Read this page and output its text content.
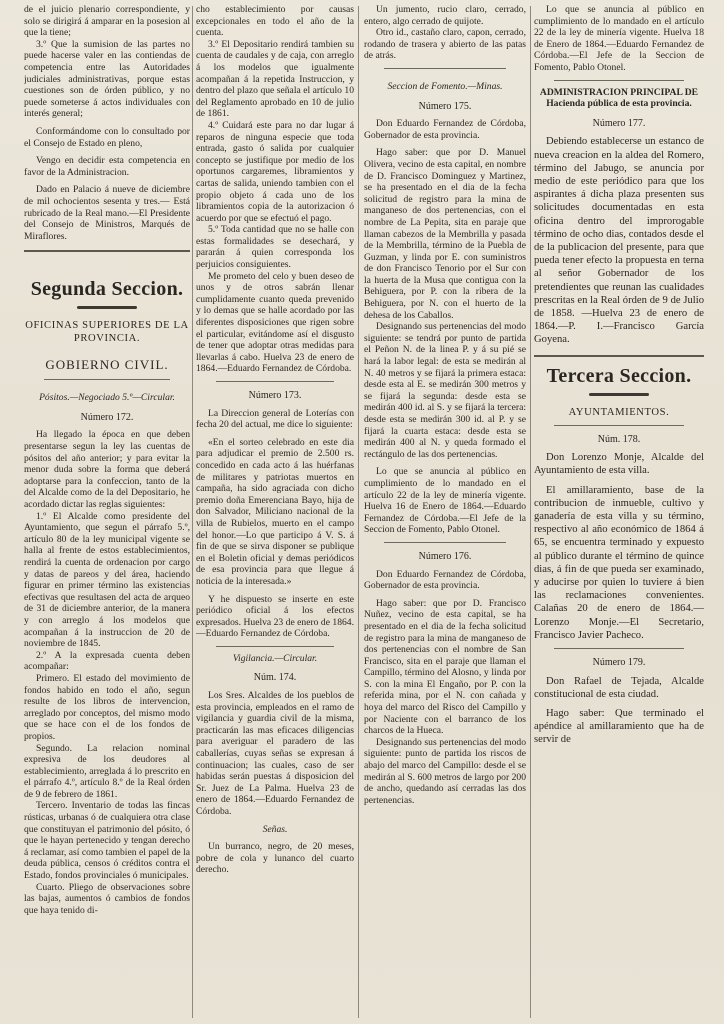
de el juicio plenario correspondiente, y solo se dirigirá á amparar en la posesion al que la tiene;

3.º Que la sumision de las partes no puede hacerse valer en las contiendas de competencia entre las Autoridades judiciales administrativas, porque estas cuestiones son de órden público, y no puede someterse á actos individuales con interés general;

Conformándome con lo consultado por el Consejo de Estado en pleno,

Vengo en decidir esta competencia en favor de la Administracion.

Dado en Palacio á nueve de diciembre de mil ochocientos sesenta y tres.— Está rubricado de la Real mano.—El Presidente del Consejo de Ministros, Marqués de Miraflores.

Segunda Seccion.
OFICINAS SUPERIORES DE LA PROVINCIA.
GOBIERNO CIVIL.

Pósitos.—Negociado 5.º—Circular.

Número 172.

Ha llegado la época en que deben presentarse segun la ley las cuentas de pósitos del año anterior; y para evitar la menor duda sobre la forma que deberá adoptarse para la confeccion, tanto de la del Alcalde como de la del Depositario, he acordado dictar las reglas siguientes:

1.º El Alcalde como presidente del Ayuntamiento, que segun el párrafo 5.º, artículo 80 de la ley municipal vigente se halla al frente de estos establecimientos, rendirá la cuenta de ordenacion por cargo y datas de pareos y del área, haciendo figurar en primer término las existencias efectivas que resultasen del acta de arqueo de 31 de diciembre anterior, de la manera y con arreglo á los modelos que acompañan á la instruccion de 20 de noviembre de 1845.

2.º A la expresada cuenta deben acompañar:

Primero. El estado del movimiento de fondos habido en todo el año, segun resulte de los libros de intervencion, arreglado por conceptos, del mismo modo que se hace con el de los fondos de propios.

Segundo. La relacion nominal expresiva de los deudores al establecimiento, arreglada á lo prescrito en el párrafo 4.º, artículo 8.º de la Real órden de 9 de febrero de 1861.

Tercero. Inventario de todas las fincas rústicas, urbanas ó de cualquiera otra clase que constituyan el patrimonio del pósito, ó que le hayan pertenecido y tengan derecho á reclamar, así como tambien el papel de la deuda pública, censos ó créditos contra el Estado, fondos provinciales ó municipales.

Cuarto. Pliego de observaciones sobre las bajas, aumentos ó cambios de fondos que haya tenido di-

cho establecimiento por causas excepcionales en todo el año de la cuenta.

3.º El Depositario rendirá tambien su cuenta de caudales y de caja, con arreglo á los modelos que igualmente acompañan á la repetida Instruccion, y dentro del plazo que señala el artículo 10 del Reglamento aprobado en 10 de julio de 1861.

4.º Cuidará este para no dar lugar á reparos de ninguna especie que toda entrada, gasto ó salida por cualquier concepto se justifique por medio de los oportunos cargaremes, libramientos y cartas de salida, uniendo tambien con el propio objeto á cada uno de los libramientos copia de la autorizacion ó acuerdo por que se efectuó el pago.

5.º Toda cantidad que no se halle con estas formalidades se desechará, y pararán á quien corresponda los perjuicios consiguientes.

Me prometo del celo y buen deseo de unos y de otros sabrán llenar cumplidamente cuanto queda prevenido y lo demas que se halle acordado por las diferentes disposiciones que rigen sobre el particular, evitándome así el disgusto de tener que adoptar otras medidas para llevarlas á cabo. Huelva 23 de enero de 1864.—Eduardo Fernandez de Córdoba.

Número 173.

La Direccion general de Loterías con fecha 20 del actual, me dice lo siguiente:

«En el sorteo celebrado en este dia para adjudicar el premio de 2.500 rs. concedido en cada acto á las huérfanas de militares y patriotas muertos en campaña, ha sido agraciada con dicho premio doña Emerenciana Bayo, hija de don Salvador, Miliciano nacional de la villa de Rubielos, muerto en el campo del honor.—Lo que participo á V. S. á fin de que se sirva disponer se publique en el Boletin oficial y demas periódicos de esa provincia para que llegue á noticia de la interesada.»

Y he dispuesto se inserte en este periódico oficial á los efectos expresados. Huelva 23 de enero de 1864.—Eduardo Fernandez de Córdoba.

Vigilancia.—Circular.

Núm. 174.

Los Sres. Alcaldes de los pueblos de esta provincia, empleados en el ramo de vigilancia y guardia civil de la misma, practicarán las mas eficaces diligencias para averiguar el paradero de las caballerías, cuyas señas se expresan á continuacion; las cuales, caso de ser habidas serán puestas á disposicion del Sr. Juez de La Palma. Huelva 23 de enero de 1864.—Eduardo Fernandez de Córdoba.

Señas.

Un burranco, negro, de 20 meses, pobre de cola y lunanco del cuarto derecho.

Un jumento, rucio claro, cerrado, entero, algo cerrado de quijote.

Otro id., castaño claro, capon, cerrado, rodando de trasera y abierto de las patas de atrás.

Seccion de Fomento.—Minas.

Número 175.

Don Eduardo Fernandez de Córdoba, Gobernador de esta provincia.

Hago saber: que por D. Manuel Olivera, vecino de esta capital, en nombre de D. Francisco Dominguez y Martinez, se ha presentado en el dia de la fecha solicitud de registro para la mina de manganeso de dos pertenencias, con el nombre de La Pepita, sita en paraje que llaman cabezos de la Membrilla y pasada de la Membrilla, término de la Puebla de Guzman, y linda por E. con suministros de don Francisco Tenorio por el Sur con la huerta de la Musa que contigua con la Behiguera, por P. con la ribera de la Behiguera, por N. con el huerto de la dehesa de los Caballos.

Designando sus pertenencias del modo siguiente: se tendrá por punto de partida el Peñon N. de la linea P. y á su pié se hará la labor legal: de esta se medirán al N. 40 metros y se fijará la primera estaca: desde esta al E. se medirán 300 metros y se fijará la segunda: desde esta se medirán 400 id. al S. y se fijará la tercera: desde esta se medirán 300 id. al P. y se fijará la cuarta estaca: desde esta se medirán 400 al N. y queda formado el rectángulo de las dos pertenencias.

Lo que se anuncia al público en cumplimiento de lo mandado en el artículo 22 de la ley de minería vigente. Huelva 16 de Enero de 1864.—Eduardo Fernandez de Córdoba.—El Jefe de la Seccion de Fomento, Pablo Otonel.

Número 176.

Don Eduardo Fernandez de Córdoba, Gobernador de esta provincia.

Hago saber: que por D. Francisco Nuñez, vecino de esta capital, se ha presentado en el dia de la fecha solicitud de registro para la mina de manganeso de dos pertenencias con el nombre de San Francisco, sita en el paraje que llaman el Campillo, término del Alosno, y linda por S. con la mina El Engaño, por P. con la referida mina, por el N. con cañada y hoya del marco del Risco del Campillo y por Naciente con el barranco de los charcos de la Hueca.

Designando sus pertenencias del modo siguiente: punto de partida los riscos de abajo del marco del Campillo: desde el se medirán al S. 600 metros de largo por 200 de ancho, quedando así cerradas las dos pertenencias.

Lo que se anuncia al público en cumplimiento de lo mandado en el artículo 22 de la ley de minería vigente. Huelva 18 de Enero de 1864.—Eduardo Fernandez de Córdoba.—El Jefe de la Seccion de Fomento, Pablo Otonel.

ADMINISTRACION PRINCIPAL DE Hacienda pública de esta provincia.

Número 177.

Debiendo establecerse un estanco de nueva creacion en la aldea del Romero, término del Jabugo, se anuncia por medio de este periódico para que los aspirantes á dicha plaza presenten sus solicitudes documentadas en esta oficina dentro del improrogable término de ocho dias, contados desde el de la publicacion del presente, para que pueda tener efecto la propuesta en terna al señor Gobernador de los pretendientes que reunan las cualidades prescritas en la Real órden de 9 de Julio de 1858. —Huelva 23 de enero de 1864.—P. I.—Francisco García Goyena.

Tercera Seccion.
AYUNTAMIENTOS.
Núm. 178.

Don Lorenzo Monje, Alcalde del Ayuntamiento de esta villa.

El amillaramiento, base de la contribucion de inmueble, cultivo y ganadería de esta villa y su término, respectivo al año económico de 1864 á 65, se encuentra terminado y expuesto al público durante el término de quince dias, á fin de que pueda ser examinado, y aducirse por quien lo tuviere á bien las reclamaciones convenientes. Calañas 20 de enero de 1864.—Lorenzo Monje.—El Secretario, Francisco Javier Pacheco.

Número 179.

Don Rafael de Tejada, Alcalde constitucional de esta ciudad.

Hago saber: Que terminado el apéndice al amillaramiento que ha de servir de
